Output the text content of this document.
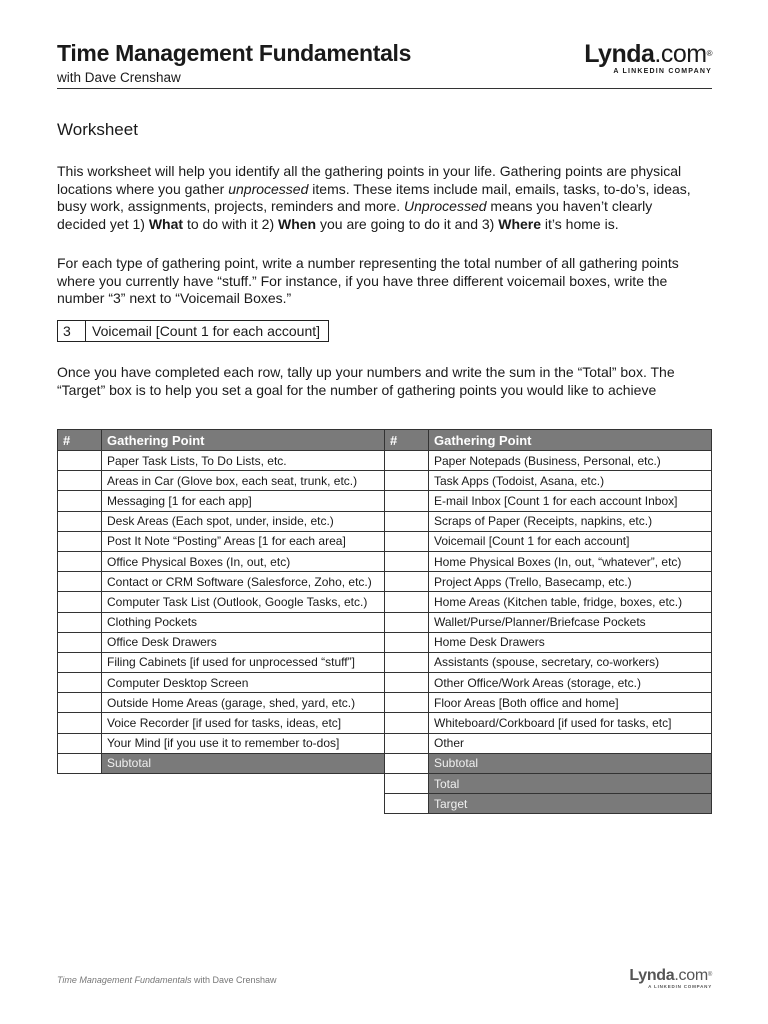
Time Management Fundamentals
with Dave Crenshaw
Lynda.com®
A LINKEDIN COMPANY
Worksheet

This worksheet will help you identify all the gathering points in your life. Gathering points are physical locations where you gather unprocessed items. These items include mail, emails, tasks, to-do’s, ideas, busy work, assignments, projects, reminders and more. Unprocessed means you haven’t clearly decided yet 1) What to do with it 2) When you are going to do it and 3) Where it’s home is.

For each type of gathering point, write a number representing the total number of all gathering points where you currently have “stuff.” For instance, if you have three different voicemail boxes, write the number “3” next to “Voicemail Boxes.”

3	Voicemail [Count 1 for each account]

Once you have completed each row, tally up your numbers and write the sum in the “Total” box. The “Target” box is to help you set a goal for the number of gathering points you would like to achieve

#	Gathering Point
	Paper Task Lists, To Do Lists, etc.
	Areas in Car (Glove box, each seat, trunk, etc.)
	Messaging [1 for each app]
	Desk Areas (Each spot, under, inside, etc.)
	Post It Note “Posting” Areas [1 for each area]
	Office Physical Boxes (In, out, etc)
	Contact or CRM Software (Salesforce, Zoho, etc.)
	Computer Task List (Outlook, Google Tasks, etc.)
	Clothing Pockets
	Office Desk Drawers
	Filing Cabinets [if used for unprocessed “stuff”]
	Computer Desktop Screen
	Outside Home Areas (garage, shed, yard, etc.)
	Voice Recorder [if used for tasks, ideas, etc]
	Your Mind [if you use it to remember to-dos]
	Subtotal
#	Gathering Point
	Paper Notepads (Business, Personal, etc.)
	Task Apps (Todoist, Asana, etc.)
	E-mail Inbox [Count 1 for each account Inbox]
	Scraps of Paper (Receipts, napkins, etc.)
	Voicemail [Count 1 for each account]
	Home Physical Boxes (In, out, “whatever”, etc)
	Project Apps (Trello, Basecamp, etc.)
	Home Areas (Kitchen table, fridge, boxes, etc.)
	Wallet/Purse/Planner/Briefcase Pockets
	Home Desk Drawers
	Assistants (spouse, secretary, co-workers)
	Other Office/Work Areas (storage, etc.)
	Floor Areas [Both office and home]
	Whiteboard/Corkboard [if used for tasks, etc]
	Other
	Subtotal
	Total
	Target
Time Management Fundamentals with Dave Crenshaw	Lynda.com®
A LINKEDIN COMPANY
